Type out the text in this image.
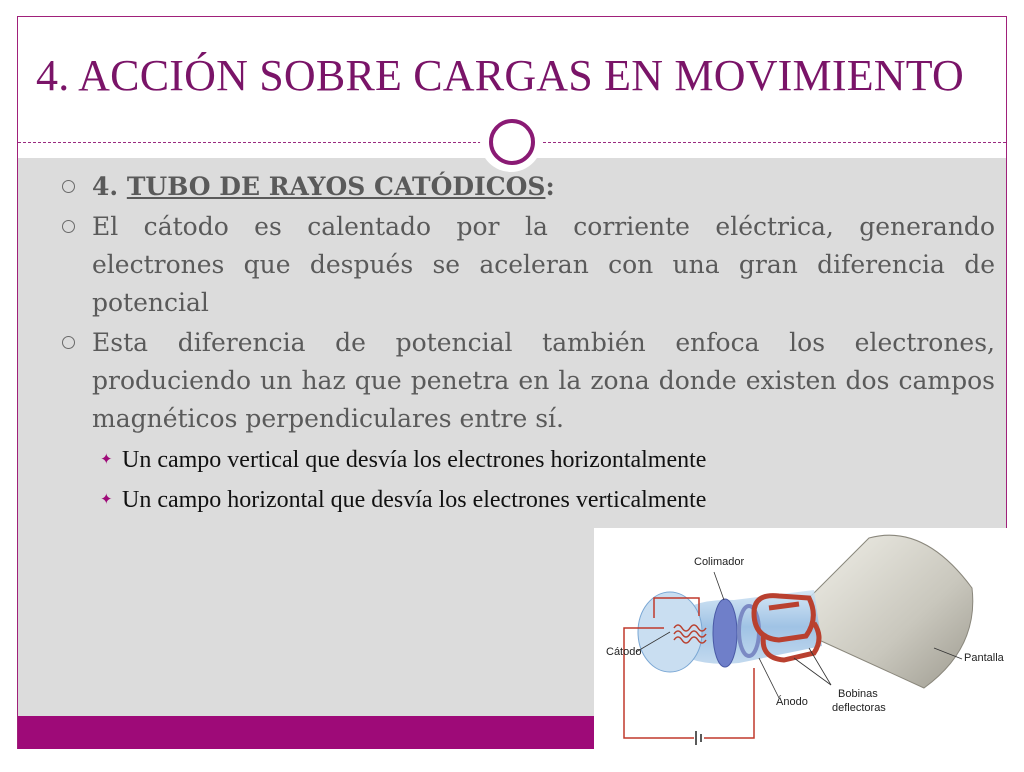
4. ACCIÓN SOBRE CARGAS EN MOVIMIENTO
4. TUBO DE RAYOS CATÓDICOS:
El cátodo es calentado por la corriente eléctrica, generando electrones que después se aceleran con una gran diferencia de potencial
Esta diferencia de potencial también enfoca los electrones, produciendo un haz que penetra en la zona donde existen dos campos magnéticos perpendiculares entre sí.
✦ Un campo vertical que desvía los electrones horizontalmente
✦ Un campo horizontal que desvía los electrones verticalmente
Colimador
Cátodo	Pantalla
Ánodo
Bobinas
deflectoras
